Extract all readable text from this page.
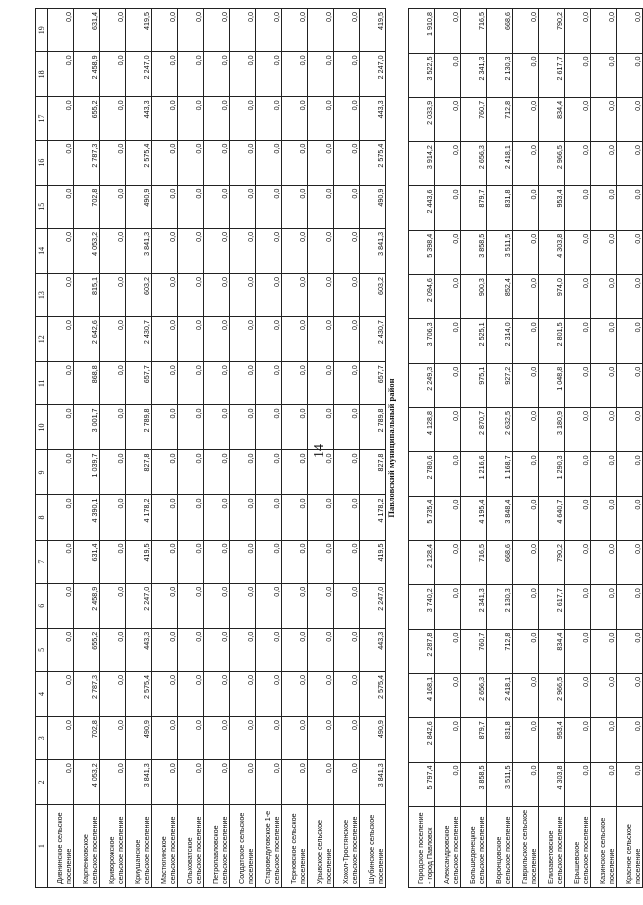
14
1	2	3	4	5	6	7	8	9	10	11	12	13	14	15	16	17	18	19
Дивнинское сельское поселение	0,0	0,0	0,0	0,0	0,0	0,0	0,0	0,0	0,0	0,0	0,0	0,0	0,0	0,0	0,0	0,0	0,0	0,0
Карпенковское сельское поселение	4 053,2	702,8	2 787,3	655,2	2 458,9	631,4	4 390,1	1 039,7	3 001,7	868,8	2 642,6	815,1	4 053,2	702,8	2 787,3	655,2	2 458,9	631,4
Криворожское сельское поселение	0,0	0,0	0,0	0,0	0,0	0,0	0,0	0,0	0,0	0,0	0,0	0,0	0,0	0,0	0,0	0,0	0,0	0,0
Криушанское сельское поселение	3 841,3	490,9	2 575,4	443,3	2 247,0	419,5	4 178,2	827,8	2 789,8	657,7	2 430,7	603,2	3 841,3	490,9	2 575,4	443,3	2 247,0	419,5
Мастюгинское сельское поселение	0,0	0,0	0,0	0,0	0,0	0,0	0,0	0,0	0,0	0,0	0,0	0,0	0,0	0,0	0,0	0,0	0,0	0,0
Ольховатское сельское поселение	0,0	0,0	0,0	0,0	0,0	0,0	0,0	0,0	0,0	0,0	0,0	0,0	0,0	0,0	0,0	0,0	0,0	0,0
Петропавловское сельское поселение	0,0	0,0	0,0	0,0	0,0	0,0	0,0	0,0	0,0	0,0	0,0	0,0	0,0	0,0	0,0	0,0	0,0	0,0
Солдатское сельское поселение	0,0	0,0	0,0	0,0	0,0	0,0	0,0	0,0	0,0	0,0	0,0	0,0	0,0	0,0	0,0	0,0	0,0	0,0
Староведуговское 1-е сельское поселение	0,0	0,0	0,0	0,0	0,0	0,0	0,0	0,0	0,0	0,0	0,0	0,0	0,0	0,0	0,0	0,0	0,0	0,0
Терновское сельское поселение	0,0	0,0	0,0	0,0	0,0	0,0	0,0	0,0	0,0	0,0	0,0	0,0	0,0	0,0	0,0	0,0	0,0	0,0
Урывское сельское поселение	0,0	0,0	0,0	0,0	0,0	0,0	0,0	0,0	0,0	0,0	0,0	0,0	0,0	0,0	0,0	0,0	0,0	0,0
Хохол-Тростянское сельское поселение	0,0	0,0	0,0	0,0	0,0	0,0	0,0	0,0	0,0	0,0	0,0	0,0	0,0	0,0	0,0	0,0	0,0	0,0
Шубинское сельское поселение	3 841,3	490,9	2 575,4	443,3	2 247,0	419,5	4 178,2	827,8	2 789,8	657,7	2 430,7	603,2	3 841,3	490,9	2 575,4	443,3	2 247,0	419,5
Павловский муниципальный район
Городское поселение - город Павловск	5 797,4	2 842,6	4 168,1	2 287,8	3 740,2	2 128,4	5 735,4	2 780,6	4 128,8	2 249,3	3 706,3	2 094,6	5 398,4	2 443,6	3 914,2	2 033,9	3 522,5	1 910,8
Александровское сельское поселение	0,0	0,0	0,0	0,0	0,0	0,0	0,0	0,0	0,0	0,0	0,0	0,0	0,0	0,0	0,0	0,0	0,0	0,0
Большедонецкое сельское поселение	3 858,5	879,7	2 656,3	760,7	2 341,3	716,5	4 195,4	1 216,6	2 870,7	975,1	2 525,1	900,3	3 858,5	879,7	2 656,3	760,7	2 341,3	716,5
Воронцовское сельское поселение	3 511,5	831,8	2 418,1	712,8	2 130,3	668,6	3 848,4	1 168,7	2 632,5	927,2	2 314,0	852,4	3 511,5	831,8	2 418,1	712,8	2 130,3	668,6
Гаврильское сельское поселение	0,0	0,0	0,0	0,0	0,0	0,0	0,0	0,0	0,0	0,0	0,0	0,0	0,0	0,0	0,0	0,0	0,0	0,0
Елизаветовское сельское поселение	4 303,8	953,4	2 966,5	834,4	2 617,7	790,2	4 640,7	1 290,3	3 180,9	1 048,8	2 801,5	974,0	4 303,8	953,4	2 966,5	834,4	2 617,7	790,2
Ерышевское сельское поселение	0,0	0,0	0,0	0,0	0,0	0,0	0,0	0,0	0,0	0,0	0,0	0,0	0,0	0,0	0,0	0,0	0,0	0,0
Казинское сельское поселение	0,0	0,0	0,0	0,0	0,0	0,0	0,0	0,0	0,0	0,0	0,0	0,0	0,0	0,0	0,0	0,0	0,0	0,0
Красное сельское поселение	0,0	0,0	0,0	0,0	0,0	0,0	0,0	0,0	0,0	0,0	0,0	0,0	0,0	0,0	0,0	0,0	0,0	0,0
